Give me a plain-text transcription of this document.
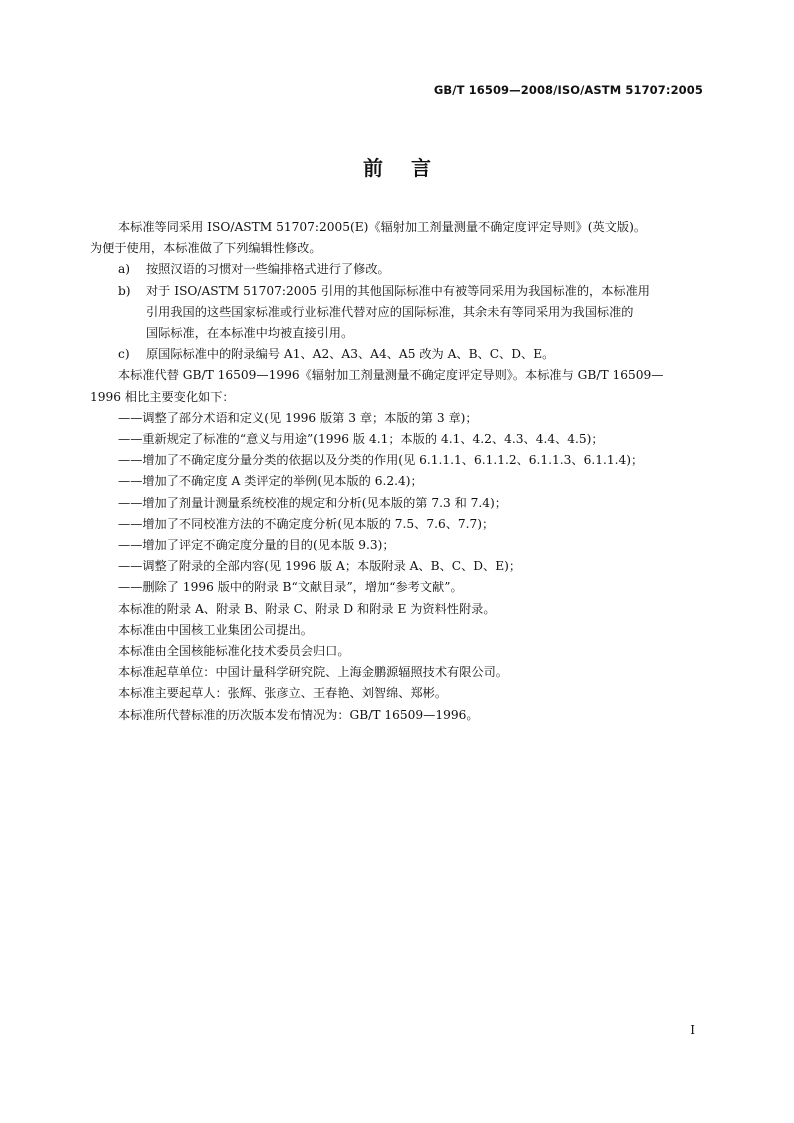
GB/T 16509—2008/ISO/ASTM 51707:2005
前言

本标准等同采用 ISO/ASTM 51707:2005(E)《辐射加工剂量测量不确定度评定导则》(英文版)。

为便于使用，本标准做了下列编辑性修改。

a) 按照汉语的习惯对一些编排格式进行了修改。
b) 对于 ISO/ASTM 51707:2005 引用的其他国际标准中有被等同采用为我国标准的，本标准用
引用我国的这些国家标准或行业标准代替对应的国际标准，其余未有等同采用为我国标准的
国际标准，在本标准中均被直接引用。
c) 原国际标准中的附录编号 A1、A2、A3、A4、A5 改为 A、B、C、D、E。

本标准代替 GB/T 16509—1996《辐射加工剂量测量不确定度评定导则》。本标准与 GB/T 16509—

1996 相比主要变化如下：

——调整了部分术语和定义(见 1996 版第 3 章；本版的第 3 章)；
——重新规定了标准的“意义与用途”(1996 版 4.1；本版的 4.1、4.2、4.3、4.4、4.5)；
——增加了不确定度分量分类的依据以及分类的作用(见 6.1.1.1、6.1.1.2、6.1.1.3、6.1.1.4)；
——增加了不确定度 A 类评定的举例(见本版的 6.2.4)；
——增加了剂量计测量系统校准的规定和分析(见本版的第 7.3 和 7.4)；
——增加了不同校准方法的不确定度分析(见本版的 7.5、7.6、7.7)；
——增加了评定不确定度分量的目的(见本版 9.3)；
——调整了附录的全部内容(见 1996 版 A；本版附录 A、B、C、D、E)；
——删除了 1996 版中的附录 B“文献目录”，增加“参考文献”。

本标准的附录 A、附录 B、附录 C、附录 D 和附录 E 为资料性附录。

本标准由中国核工业集团公司提出。

本标准由全国核能标准化技术委员会归口。

本标准起草单位：中国计量科学研究院、上海金鹏源辐照技术有限公司。

本标准主要起草人：张辉、张彦立、王春艳、刘智绵、郑彬。

本标准所代替标准的历次版本发布情况为：GB/T 16509—1996。

I
